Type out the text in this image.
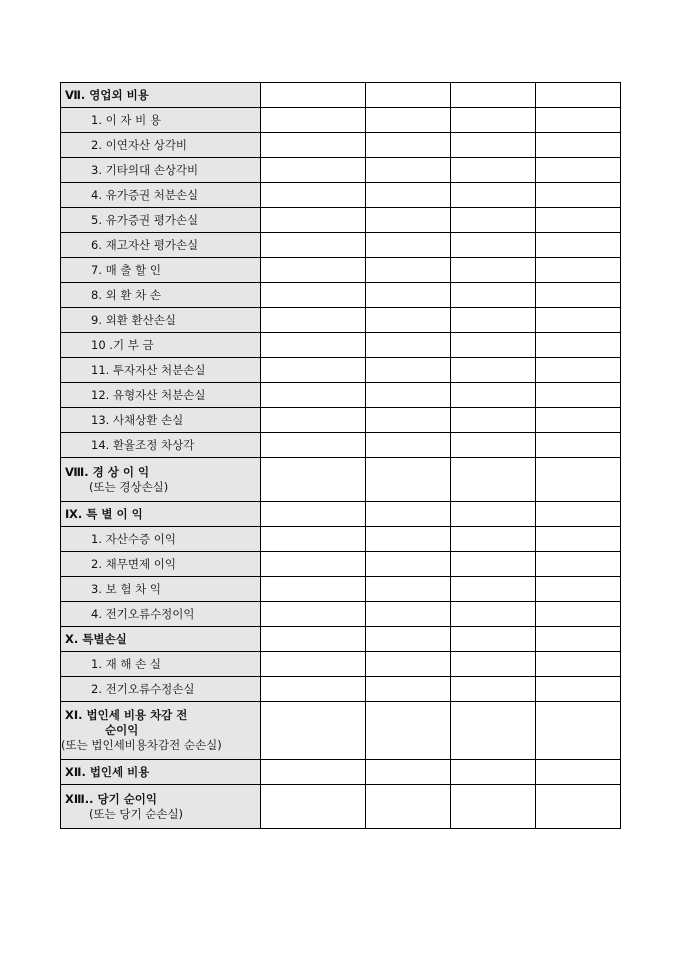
Ⅶ. 영업외 비용				
1. 이 자 비 용				
2. 이연자산 상각비				
3. 기타의대 손상각비				
4. 유가증권 처분손실				
5. 유가증권 평가손실				
6. 재고자산 평가손실				
7. 매 출 할 인				
8. 외 환 차 손				
9. 외환 환산손실				
10 .기 부 금				
11. 투자자산 처분손실				
12. 유형자산 처분손실				
13. 사채상환 손실				
14. 환율조정 차상각				
Ⅷ. 경 상 이 익
(또는 경상손실)				

Ⅸ. 특 별 이 익				
1. 자산수증 이익				
2. 채무면제 이익				
3. 보 험 차 익				
4. 전기오류수정이익				
Ⅹ. 특별손실				
1. 재 해 손 실				
2. 전기오류수정손실				

ⅩⅠ. 법인세 비용 차감 전
순이익
(또는 법인세비용차감전 순손실)				

ⅩⅡ. 법인세 비용				
ⅩⅢ.. 당기 순이익
(또는 당기 순손실)				
